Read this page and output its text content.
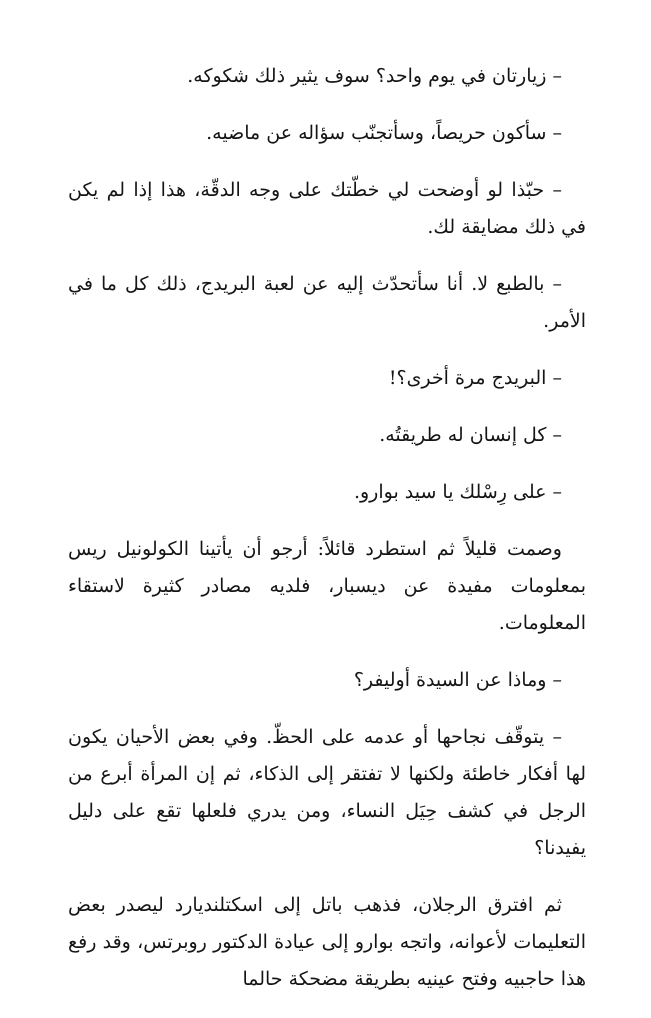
– زيارتان في يوم واحد؟ سوف يثير ذلك شكوكه.

– سأكون حريصاً، وسأتجنّب سؤاله عن ماضيه.

– حبّذا لو أوضحت لي خطّتك على وجه الدقّة، هذا إذا لم يكن في ذلك مضايقة لك.

– بالطبع لا. أنا سأتحدّث إليه عن لعبة البريدج، ذلك كل ما في الأمر.

– البريدج مرة أخرى؟!

– كل إنسان له طريقتُه.

– على رِسْلك يا سيد بوارو.

وصمت قليلاً ثم استطرد قائلاً: أرجو أن يأتينا الكولونيل ريس بمعلومات مفيدة عن ديسبار، فلديه مصادر كثيرة لاستقاء المعلومات.

– وماذا عن السيدة أوليفر؟

– يتوقّف نجاحها أو عدمه على الحظّ. وفي بعض الأحيان يكون لها أفكار خاطئة ولكنها لا تفتقر إلى الذكاء، ثم إن المرأة أبرع من الرجل في كشف حِيَل النساء، ومن يدري فلعلها تقع على دليل يفيدنا؟

ثم افترق الرجلان، فذهب باتل إلى اسكتلنديارد ليصدر بعض التعليمات لأعوانه، واتجه بوارو إلى عيادة الدكتور روبرتس، وقد رفع هذا حاجبيه وفتح عينيه بطريقة مضحكة حالما
